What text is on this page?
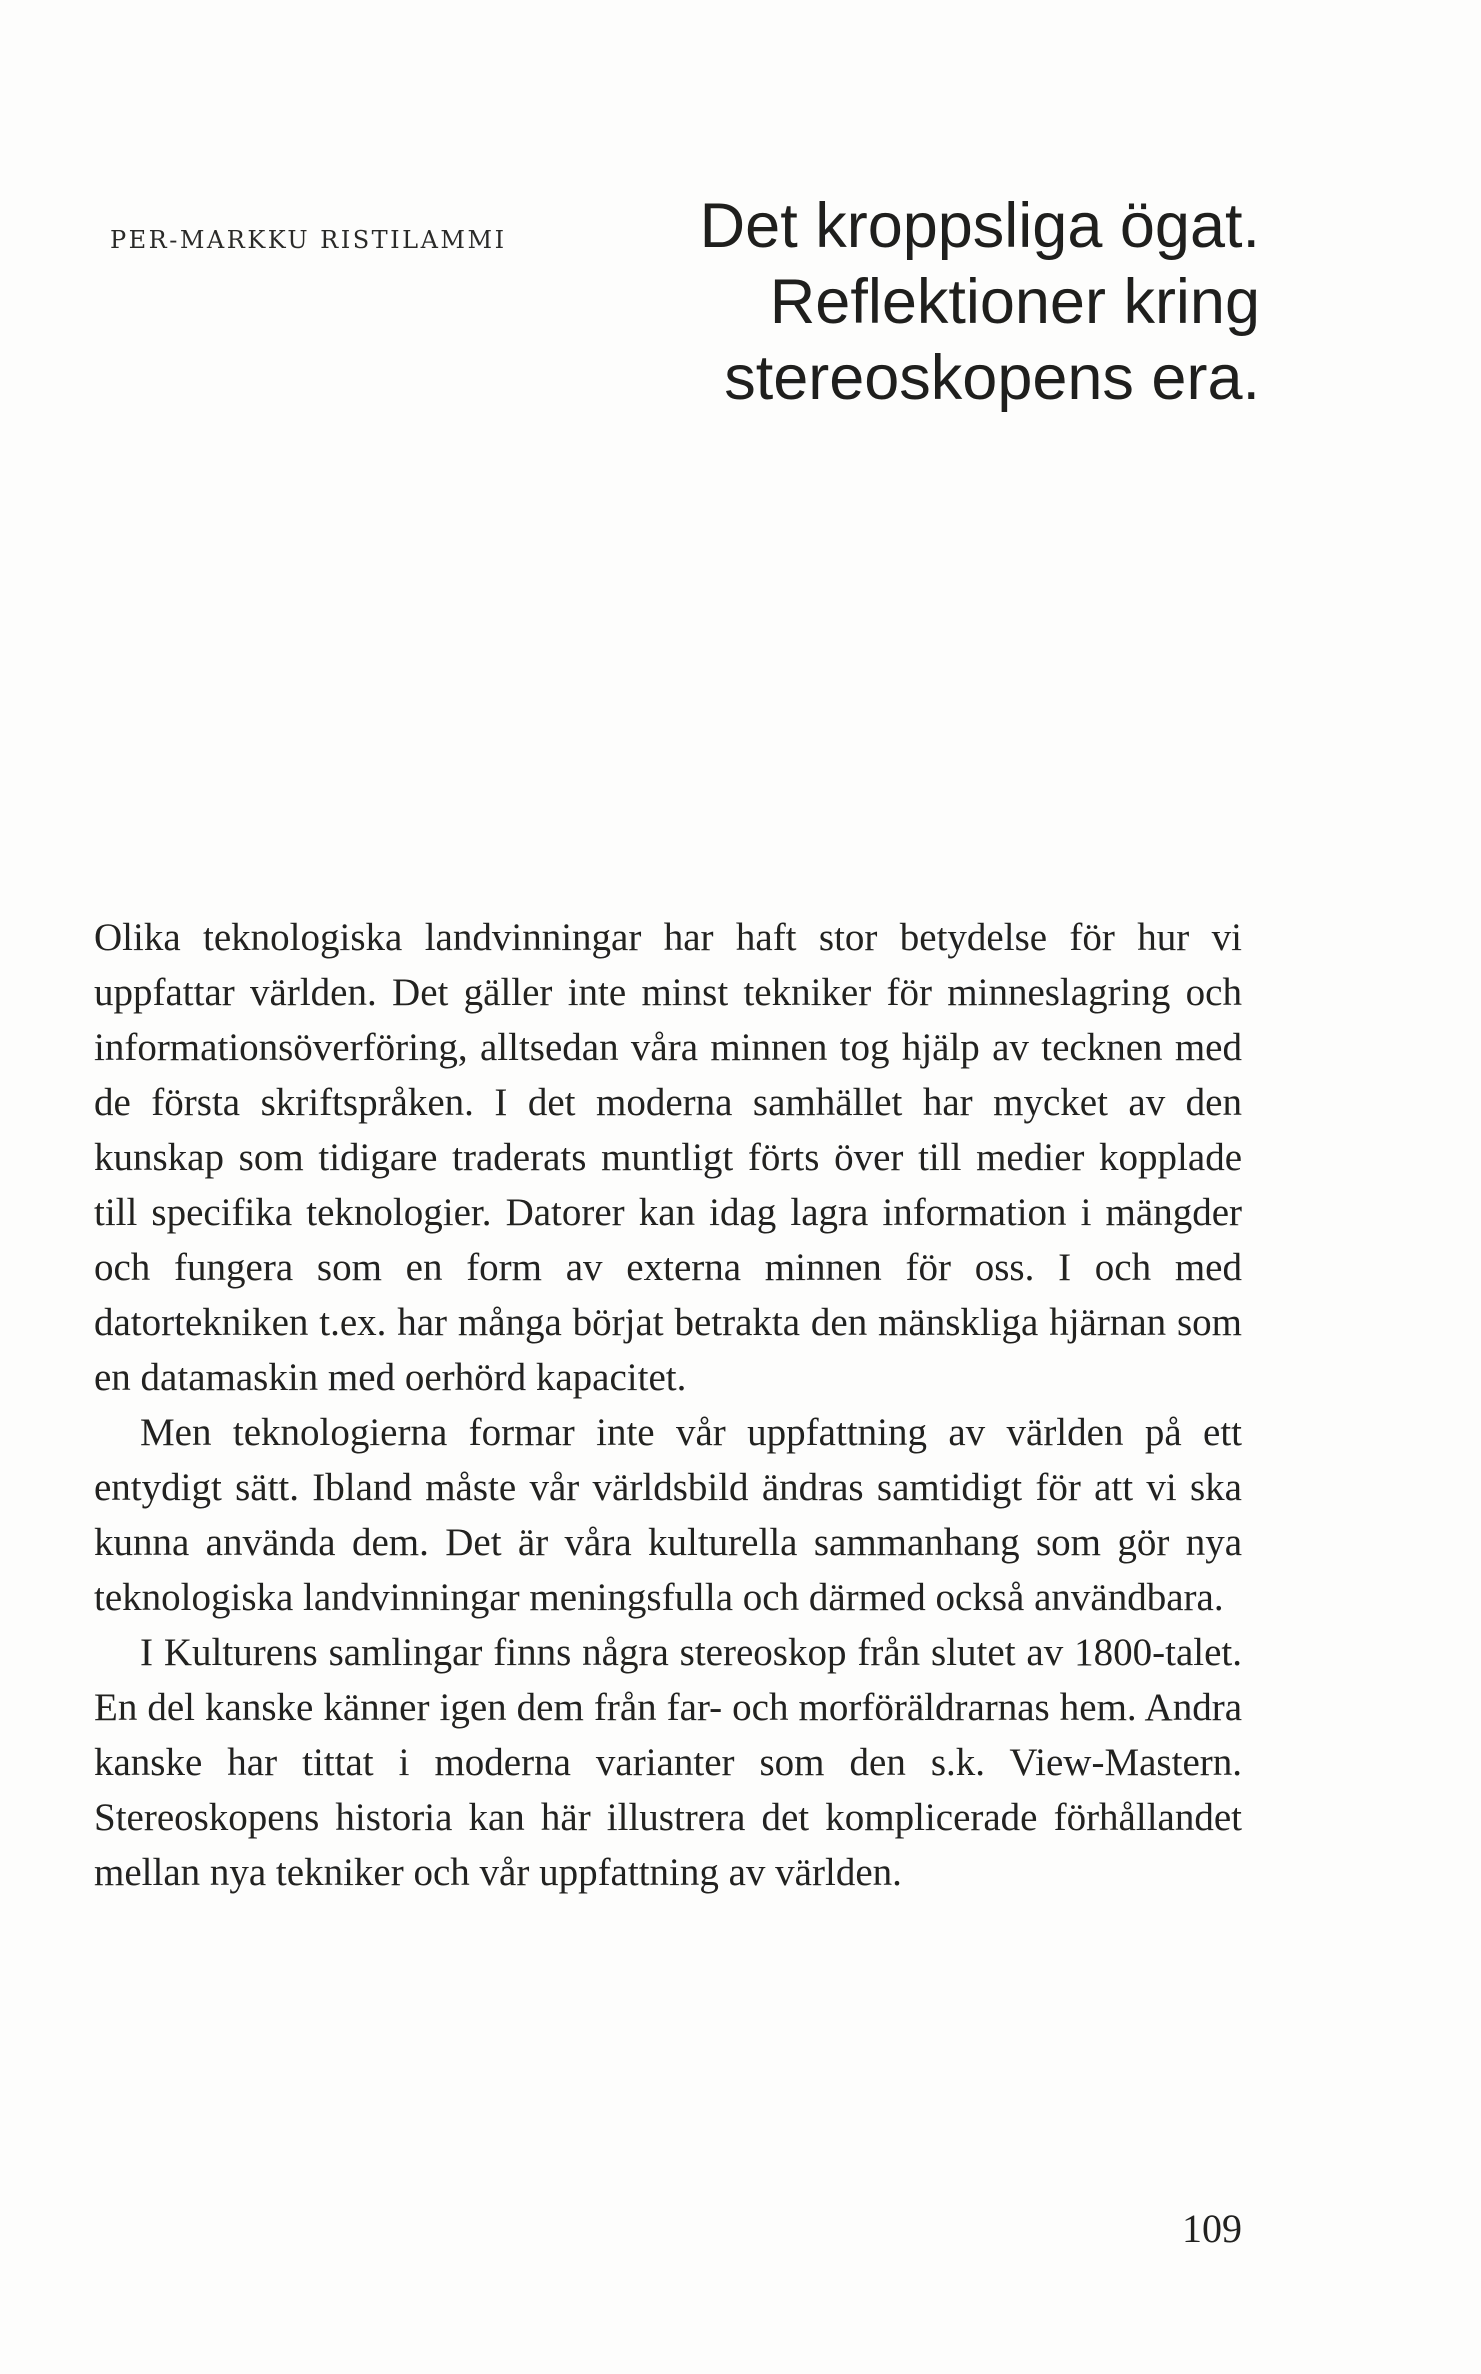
PER-MARKKU RISTILAMMI	Det kroppsliga ögat.
Reflektioner kring
stereoskopens era.

Olika teknologiska landvinningar har haft stor betydelse för hur vi uppfattar världen. Det gäller inte minst tekniker för minneslagring och informationsöverföring, alltsedan våra minnen tog hjälp av tecknen med de första skriftspråken. I det moderna samhället har mycket av den kunskap som tidigare traderats muntligt förts över till medier kopplade till specifika teknologier. Datorer kan idag lagra information i mängder och fungera som en form av externa minnen för oss. I och med datortekniken t.ex. har många börjat betrakta den mänskliga hjärnan som en datamaskin med oerhörd kapacitet.

Men teknologierna formar inte vår uppfattning av världen på ett entydigt sätt. Ibland måste vår världsbild ändras samtidigt för att vi ska kunna använda dem. Det är våra kulturella sammanhang som gör nya teknologiska landvinningar meningsfulla och därmed också användbara.

I Kulturens samlingar finns några stereoskop från slutet av 1800-talet. En del kanske känner igen dem från far- och morföräldrarnas hem. Andra kanske har tittat i moderna varianter som den s.k. View-Mastern. Stereoskopens historia kan här illustrera det komplicerade förhållandet mellan nya tekniker och vår uppfattning av världen.

109
